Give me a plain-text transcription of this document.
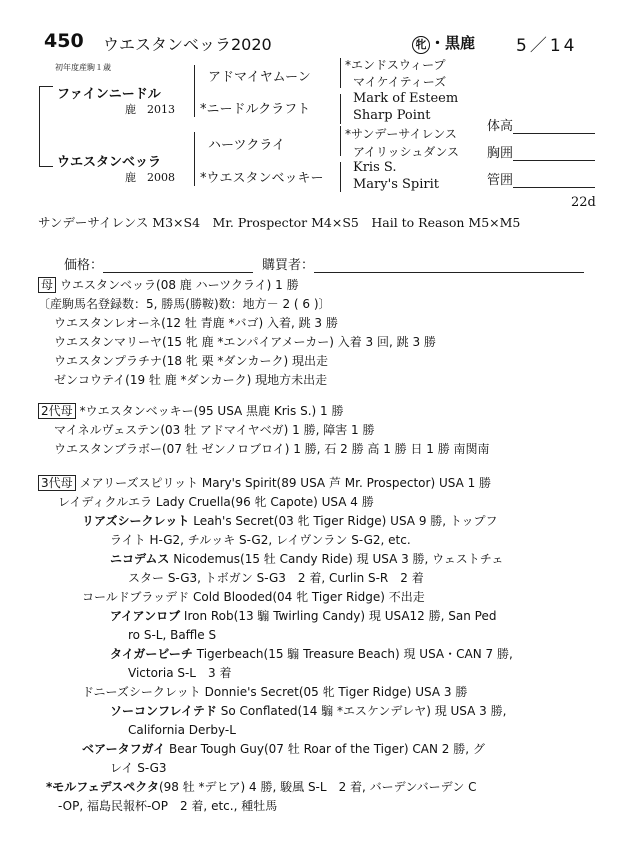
450 ウエスタンベッラ2020	牝 ・黒鹿 5／14
初年度産駒１歳
ファインニードル
鹿　2013
ウエスタンベッラ
鹿　2008
アドマイヤムーン
*ニードルクラフト
ハーツクライ
*ウエスタンベッキー
*エンドスウィープ
マイケイティーズ
Mark of Esteem
Sharp Point
*サンデーサイレンス
アイリッシュダンス
Kris S.
Mary's Spirit
体高
胸囲
管囲
22d
サンデーサイレンス M3×S4　Mr. Prospector M4×S5　Hail to Reason M5×M5
価格：	購買者：
母 ウエスタンベッラ(08 鹿 ハーツクライ) 1 勝
〔産駒馬名登録数：5, 勝馬(勝鞍)数：地方－ 2 ( 6 )〕
ウエスタンレオーネ(12 牡 青鹿 *バゴ) 入着, 跳 3 勝
ウエスタンマリーヤ(15 牝 鹿 *エンパイアメーカー) 入着 3 回, 跳 3 勝
ウエスタンプラチナ(18 牝 栗 *ダンカーク) 現出走
ゼンコウテイ(19 牡 鹿 *ダンカーク) 現地方未出走
2代母 *ウエスタンベッキー(95 USA 黒鹿 Kris S.) 1 勝
マイネルヴェステン(03 牡 アドマイヤベガ) 1 勝, 障害 1 勝
ウエスタンブラボー(07 牡 ゼンノロブロイ) 1 勝, 石 2 勝 高 1 勝 日 1 勝 南関南
3代母 メアリーズスピリット Mary's Spirit(89 USA 芦 Mr. Prospector) USA 1 勝
レイディクルエラ Lady Cruella(96 牝 Capote) USA 4 勝
リアズシークレット Leah's Secret(03 牝 Tiger Ridge) USA 9 勝, トップフ
ライト H-G2, チルッキ S-G2, レイヴンラン S-G2, etc.
ニコデムス Nicodemus(15 牡 Candy Ride) 現 USA 3 勝, ウェストチェ
スター S-G3, トボガン S-G3　2 着, Curlin S-R　2 着
コールドブラッデド Cold Blooded(04 牝 Tiger Ridge) 不出走
アイアンロブ Iron Rob(13 騸 Twirling Candy) 現 USA12 勝, San Ped
ro S-L, Baffle S
タイガービーチ Tigerbeach(15 騸 Treasure Beach) 現 USA・CAN 7 勝,
Victoria S-L　3 着
ドニーズシークレット Donnie's Secret(05 牝 Tiger Ridge) USA 3 勝
ソーコンフレイテド So Conflated(14 騸 *エスケンデレヤ) 現 USA 3 勝,
California Derby-L
ベアータフガイ Bear Tough Guy(07 牡 Roar of the Tiger) CAN 2 勝, グ
レイ S-G3
*モルフェデスペクタ(98 牡 *デヒア) 4 勝, 駿風 S-L　2 着, バーデンバーデン C
-OP, 福島民報杯-OP　2 着, etc., 種牡馬
